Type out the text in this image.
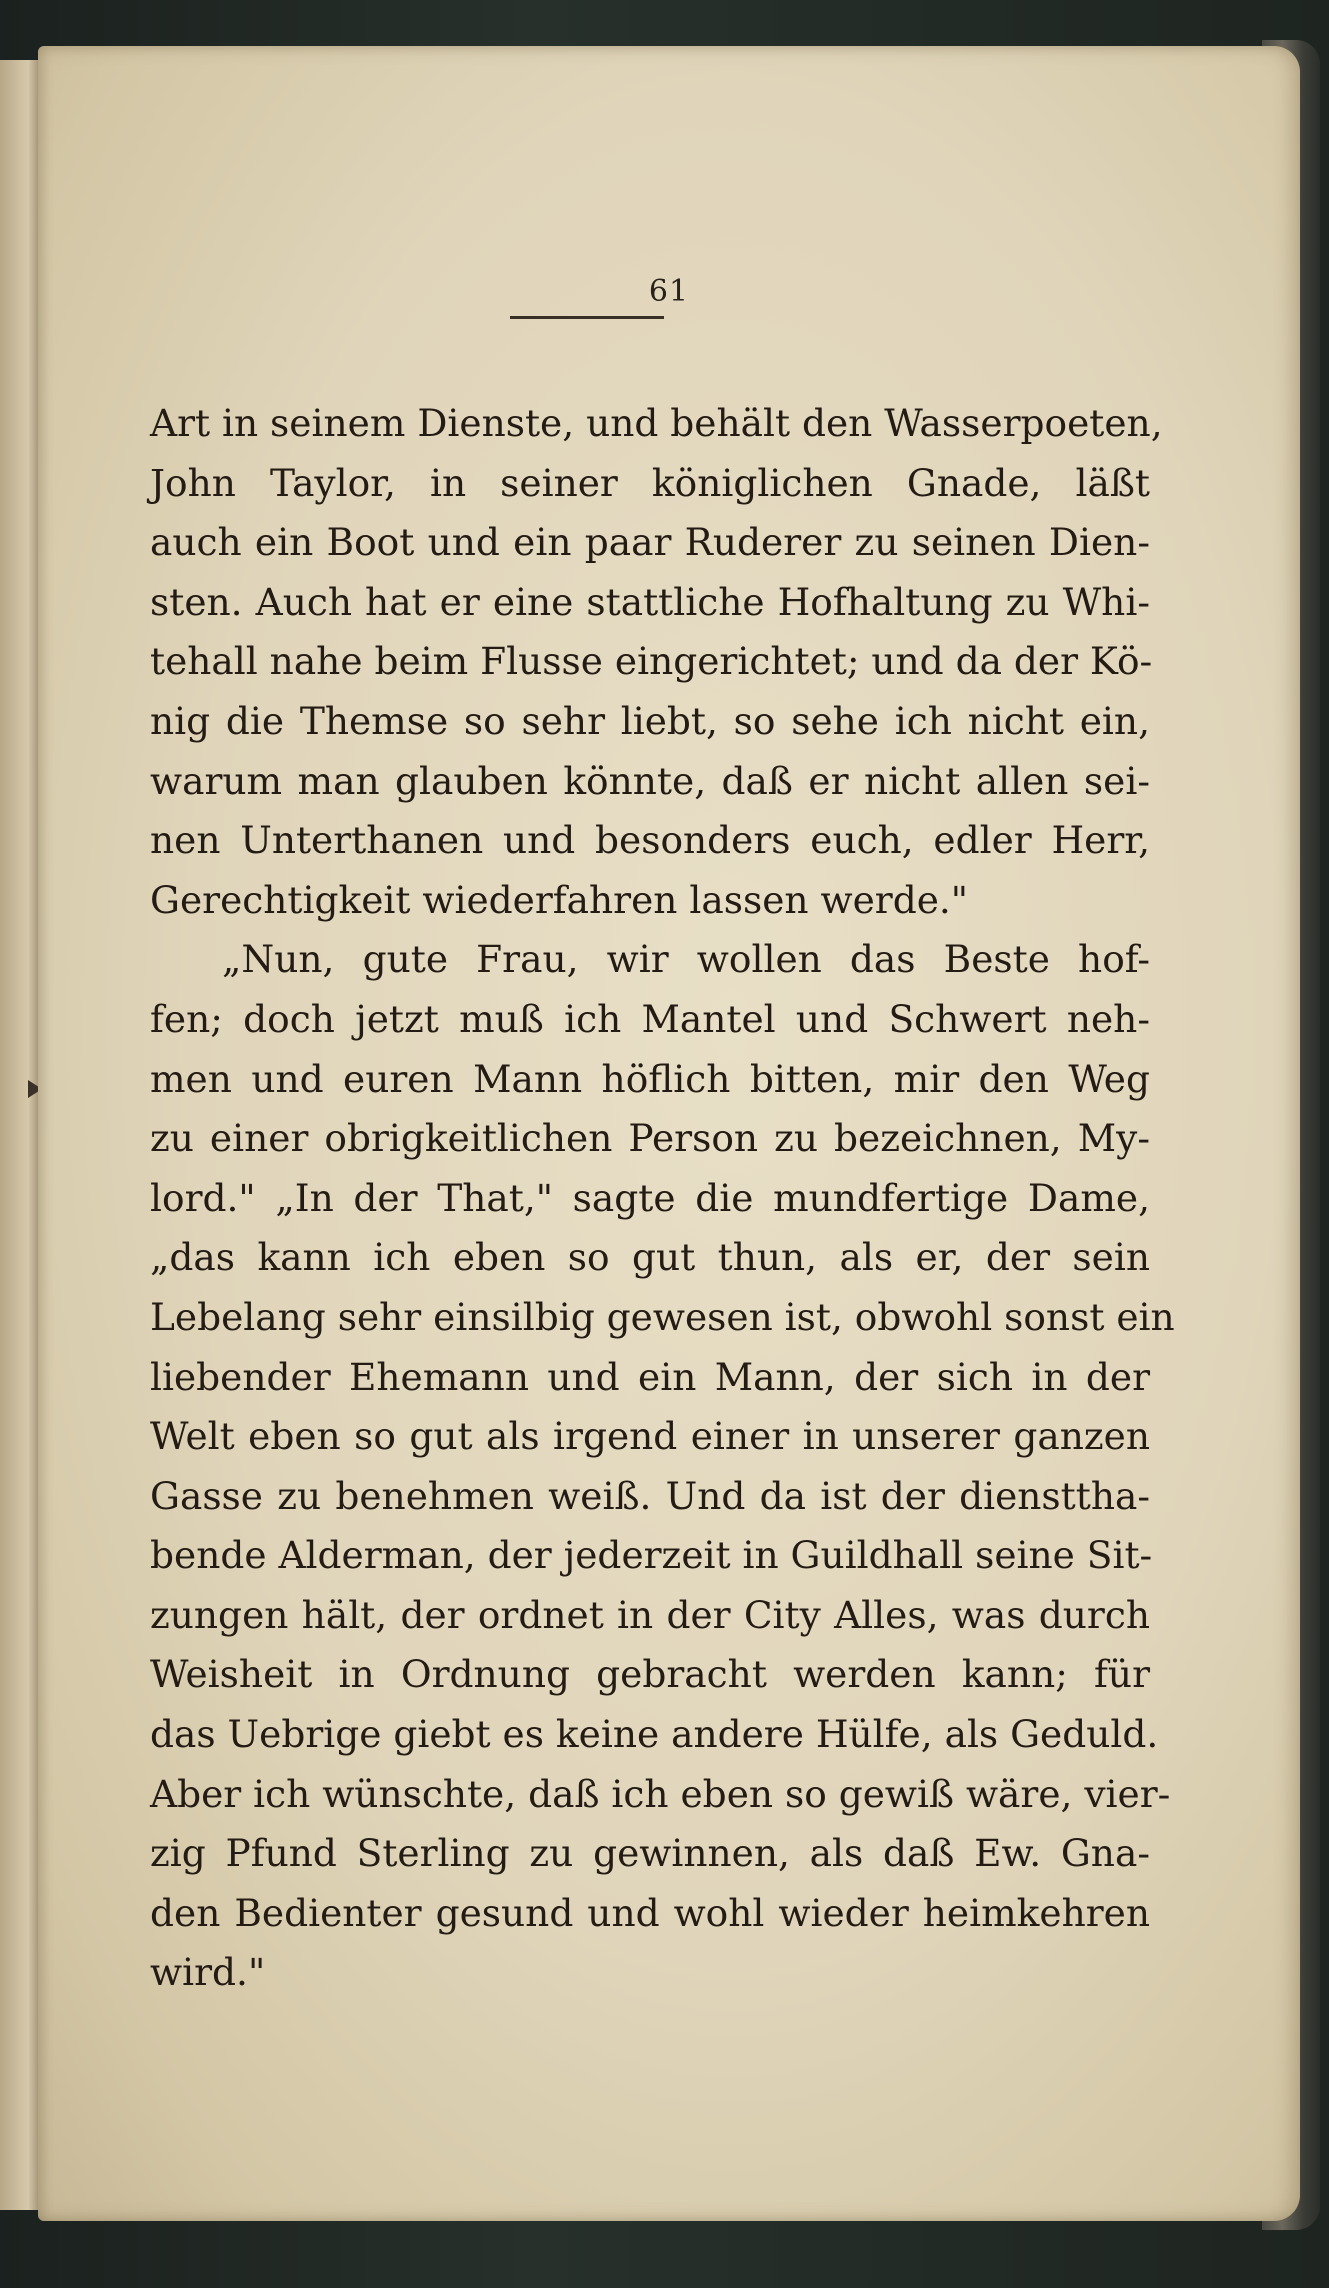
61
Art in seinem Dienste, und behält den Wasserpoeten,
John Taylor, in seiner königlichen Gnade, läßt
auch ein Boot und ein paar Ruderer zu seinen Dien-
sten. Auch hat er eine stattliche Hofhaltung zu Whi-
tehall nahe beim Flusse eingerichtet; und da der Kö-
nig die Themse so sehr liebt, so sehe ich nicht ein,
warum man glauben könnte, daß er nicht allen sei-
nen Unterthanen und besonders euch, edler Herr,
Gerechtigkeit wiederfahren lassen werde."
„Nun, gute Frau, wir wollen das Beste hof-
fen; doch jetzt muß ich Mantel und Schwert neh-
men und euren Mann höflich bitten, mir den Weg
zu einer obrigkeitlichen Person zu bezeichnen, My-
lord." „In der That," sagte die mundfertige Dame,
„das kann ich eben so gut thun, als er, der sein
Lebelang sehr einsilbig gewesen ist, obwohl sonst ein
liebender Ehemann und ein Mann, der sich in der
Welt eben so gut als irgend einer in unserer ganzen
Gasse zu benehmen weiß. Und da ist der diensttha-
bende Alderman, der jederzeit in Guildhall seine Sit-
zungen hält, der ordnet in der City Alles, was durch
Weisheit in Ordnung gebracht werden kann; für
das Uebrige giebt es keine andere Hülfe, als Geduld.
Aber ich wünschte, daß ich eben so gewiß wäre, vier-
zig Pfund Sterling zu gewinnen, als daß Ew. Gna-
den Bedienter gesund und wohl wieder heimkehren
wird."
